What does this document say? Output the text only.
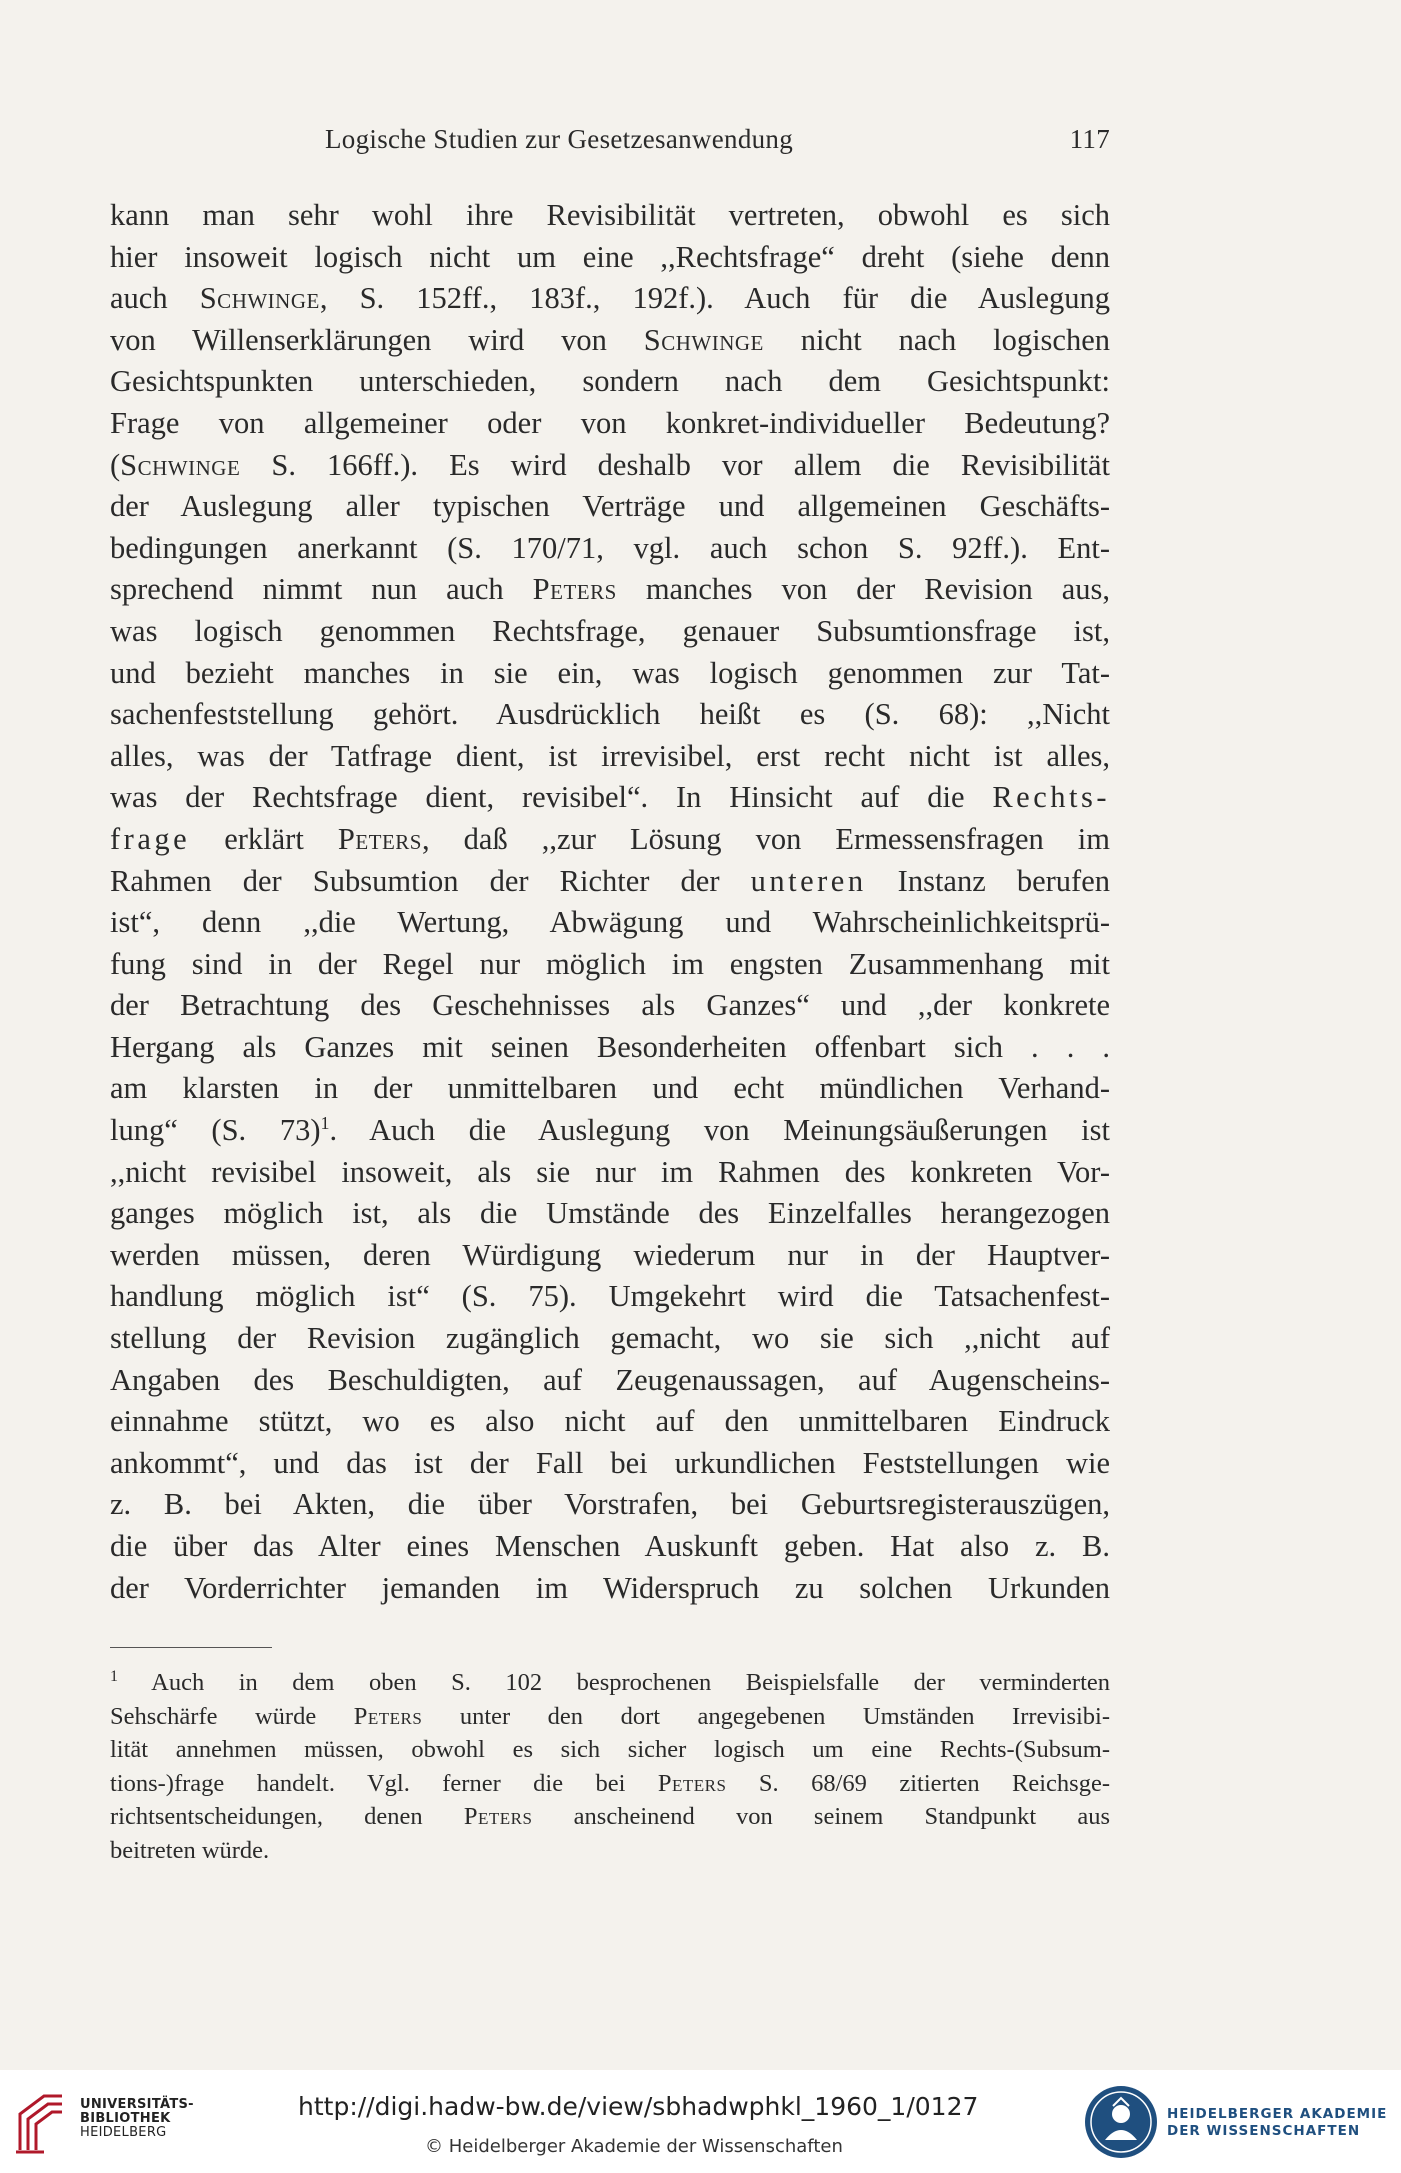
Logische Studien zur Gesetzesanwendung	117
kann man sehr wohl ihre Revisibilität vertreten, obwohl es sich
hier insoweit logisch nicht um eine ,,Rechtsfrage“ dreht (siehe denn
auch Schwinge, S. 152ff., 183f., 192f.). Auch für die Auslegung
von Willenserklärungen wird von Schwinge nicht nach logischen
Gesichtspunkten unterschieden, sondern nach dem Gesichtspunkt:
Frage von allgemeiner oder von konkret-individueller Bedeutung?
(Schwinge S. 166ff.). Es wird deshalb vor allem die Revisibilität
der Auslegung aller typischen Verträge und allgemeinen Geschäfts-
bedingungen anerkannt (S. 170/71, vgl. auch schon S. 92ff.). Ent-
sprechend nimmt nun auch Peters manches von der Revision aus,
was logisch genommen Rechtsfrage, genauer Subsumtionsfrage ist,
und bezieht manches in sie ein, was logisch genommen zur Tat-
sachenfeststellung gehört. Ausdrücklich heißt es (S. 68): ,,Nicht
alles, was der Tatfrage dient, ist irrevisibel, erst recht nicht ist alles,
was der Rechtsfrage dient, revisibel“. In Hinsicht auf die Rechts-
frage erklärt Peters, daß ,,zur Lösung von Ermessensfragen im
Rahmen der Subsumtion der Richter der unteren Instanz berufen
ist“, denn ,,die Wertung, Abwägung und Wahrscheinlichkeitsprü-
fung sind in der Regel nur möglich im engsten Zusammenhang mit
der Betrachtung des Geschehnisses als Ganzes“ und ,,der konkrete
Hergang als Ganzes mit seinen Besonderheiten offenbart sich . . .
am klarsten in der unmittelbaren und echt mündlichen Verhand-
lung“ (S. 73)$^1$. Auch die Auslegung von Meinungsäußerungen ist
,,nicht revisibel insoweit, als sie nur im Rahmen des konkreten Vor-
ganges möglich ist, als die Umstände des Einzelfalles herangezogen
werden müssen, deren Würdigung wiederum nur in der Hauptver-
handlung möglich ist“ (S. 75). Umgekehrt wird die Tatsachenfest-
stellung der Revision zugänglich gemacht, wo sie sich ,,nicht auf
Angaben des Beschuldigten, auf Zeugenaussagen, auf Augenscheins-
einnahme stützt, wo es also nicht auf den unmittelbaren Eindruck
ankommt“, und das ist der Fall bei urkundlichen Feststellungen wie
z. B. bei Akten, die über Vorstrafen, bei Geburtsregisterauszügen,
die über das Alter eines Menschen Auskunft geben. Hat also z. B.
der Vorderrichter jemanden im Widerspruch zu solchen Urkunden
$^1$ Auch in dem oben S. 102 besprochenen Beispielsfalle der verminderten
Sehschärfe würde Peters unter den dort angegebenen Umständen Irrevisibi-
lität annehmen müssen, obwohl es sich sicher logisch um eine Rechts-(Subsum-
tions-)frage handelt. Vgl. ferner die bei Peters S. 68/69 zitierten Reichsge-
richtsentscheidungen, denen Peters anscheinend von seinem Standpunkt aus
beitreten würde.
UNIVERSITÄTS-
BIBLIOTHEK
HEIDELBERG
http://digi.hadw-bw.de/view/sbhadwphkl_1960_1/0127
© Heidelberger Akademie der Wissenschaften
HEIDELBERGER AKADEMIE
DER WISSENSCHAFTEN
